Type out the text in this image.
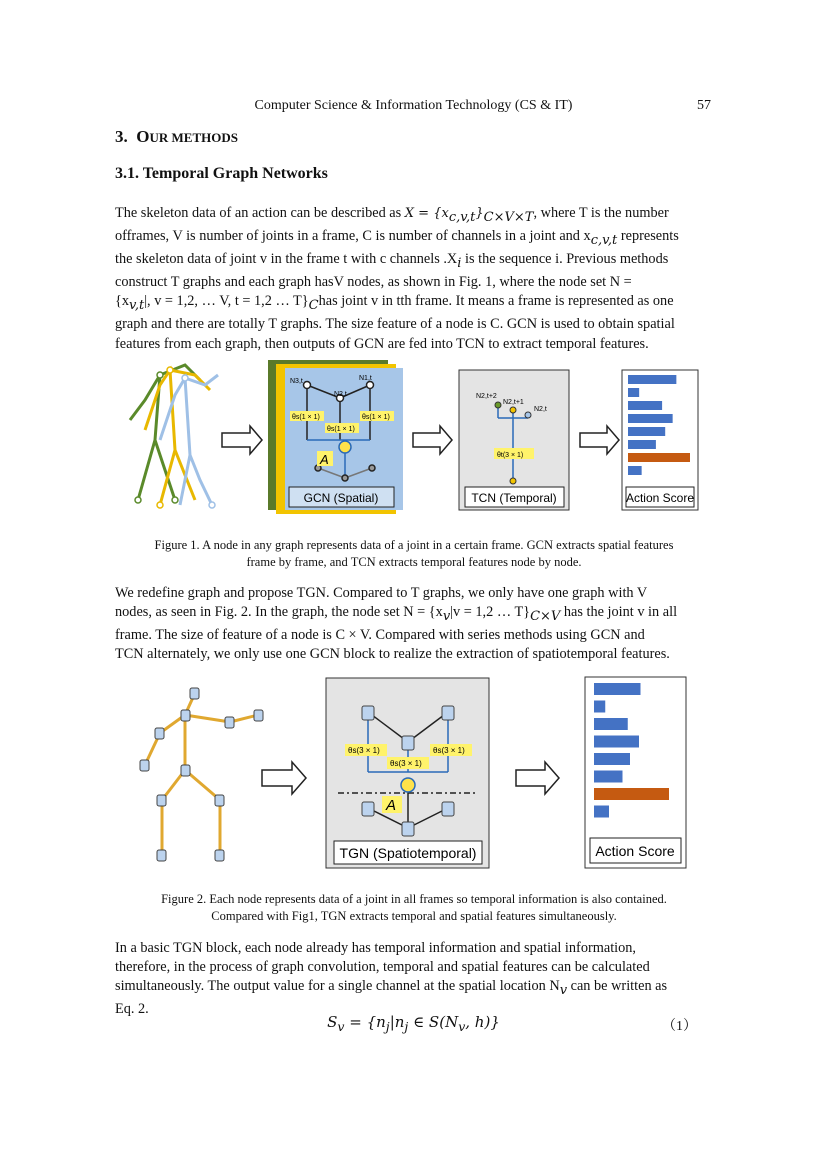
Computer Science & Information Technology (CS & IT)	57
3. OUR METHODS
3.1. Temporal Graph Networks
The skeleton data of an action can be described as $X = \{x_{c,v,t}\}_{C\times V\times T}$, where T is the number
offrames, V is number of joints in a frame, C is number of channels in a joint and $x_{c,v,t}$ represents
the skeleton data of joint v in the frame t with c channels $.X_i$ is the sequence i. Previous methods
construct T graphs and each graph hasV nodes, as shown in Fig. 1, where the node set N =
{$x_{v,t}|$, v = 1,2, … V, t = 1,2 … $T\}_Chas$ joint v in tth frame. It means a frame is represented as one
graph and there are totally T graphs. The size feature of a node is C. GCN is used to obtain spatial
features from each graph, then outputs of GCN are fed into TCN to extract temporal features.
N3,t
N2,t
N1,t
θs(1 × 1)
θs(1 × 1)
θs(1 × 1)
A
GCN (Spatial)
N2,t+2
N2,t+1
N2,t
θt(3 × 1)
TCN (Temporal)	Action Score
θs(3 × 1)
θs(3 × 1)
θs(3 × 1)
A
TGN (Spatiotemporal)	Action Score
Figure 1. A node in any graph represents data of a joint in a certain frame. GCN extracts spatial features
frame by frame, and TCN extracts temporal features node by node.
We redefine graph and propose TGN. Compared to T graphs, we only have one graph with V
nodes, as seen in Fig. 2. In the graph, the node set $N = \{x_v|v = 1,2$ … $T\}_{C\times V}$ has the joint v in all
frame. The size of feature of a node is C × V. Compared with series methods using GCN and
TCN alternately, we only use one GCN block to realize the extraction of spatiotemporal features.
Figure 2. Each node represents data of a joint in all frames so temporal information is also contained.
Compared with Fig1, TGN extracts temporal and spatial features simultaneously.
In a basic TGN block, each node already has temporal information and spatial information,
therefore, in the process of graph convolution, temporal and spatial features can be calculated
simultaneously. The output value for a single channel at the spatial location $N_v$ can be written as
Eq. 2.
$S_v = \{n_j|n_j$ ∈ $S(N_v$, h)}	（1）
